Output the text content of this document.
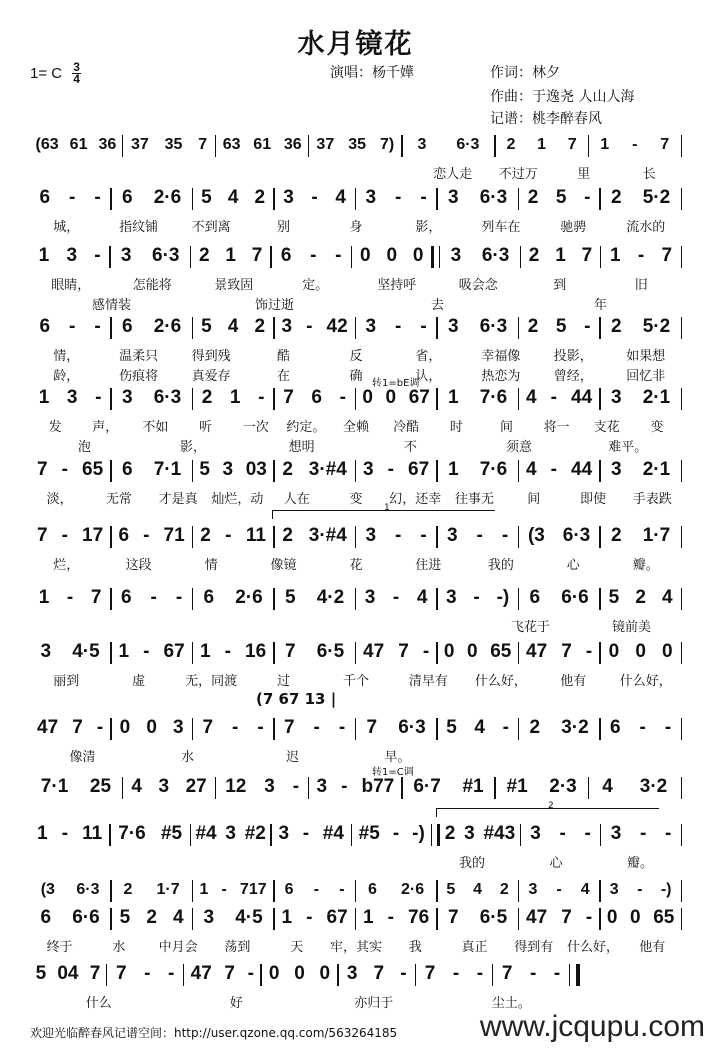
水月镜花
1= C 3
4	演唱：杨千嬅	作词：林夕
作曲：于逸尧 人山人海
记谱：桃李醉春风
(63 61 36 37 35 7 63 61 36 37 35 7) 3 6·3 2 1 7 1 - 7
恋人走	不过万	里	长
6 - - 6 2·6 5 4 2 3 - 4 3 - - 3 6·3 2 5 - 2 5·2
城，	指纹铺	不到离	别	身	影，	列车在	驰骋	流水的
1 3 - 3 6·3 2 1 7 6 - - 0 0 0 3 6·3 2 1 7 1 - 7
眼睛，	怎能将	景致固	定。	坚持呼	吸会念	到	旧
感情装	饰过逝	去	年
6 - - 6 2·6 5 4 2 3 - 42 3 - - 3 6·3 2 5 - 2 5·2
情，	温柔只	得到残	酷	反	省，	幸福像	投影，	如果想
龄，	伤痕将	真爱存	在	确	认，	热恋为	曾经，	回忆非
1 3 - 3 6·3 2 1 - 7 6 - 0 0 67 1 7·6 4 - 44 3 2·1
发	声，	不如	听	一次	约定。	全赖	冷酷	时	间	将一	支花	变
泡	影，	想明	不	须意	难平。
转1=bE调
7 - 65 6 7·1 5 3 03 2 3·#4 3 - 67 1 7·6 4 - 44 3 2·1
淡，	无常	才是真	灿烂，动	人在	变	幻，还幸	往事无	间	即使	手表跌
7 - 17 6 - 71 2 - 11 2 3·#4 3 - - 3 - - (3 6·3 2 1·7
烂，	这段	情	像镜	花	住进	我的	心	瓣。
1
1 - 7 6 - - 6 2·6 5 4·2 3 - 4 3 - -) 6 6·6 5 2 4
飞花于	镜前美
3 4·5 1 - 67 1 - 16 7 6·5 47 7 - 0 0 65 47 7 - 0 0 0
丽到	虚	无，同渡	过	千个	清早有	什么好，	他有	什么好，
47 7 - 0 0 3 7 - - 7 - - 7 6·3 5 4 - 2 3·2 6 - -
像清	水	迟	早。
(7 67 13 |
7·1 25 4 3 27 12 3 - 3 - b77 6·7 #1 #1 2·3 4 3·2
转1=C调
1 - 11 7·6 #5 #4 3 #2 3 - #4 #5 - -) 2 3 #43 3 - - 3 - -
我的	心	瓣。
2
(3 6·3 2 1·7 1 - 717 6 - - 6 2·6 5 4 2 3 - 4 3 - -)
6 6·6 5 2 4 3 4·5 1 - 67 1 - 76 7 6·5 47 7 - 0 0 65
终于	水	中月会	荡到	天	牢，其实	我	真正	得到有	什么好，	他有
5 04 7 7 - - 47 7 - 0 0 0 3 7 - 7 - - 7 - -
什么	好	亦归于	尘土。
欢迎光临醉春风记谱空间：http://user.qzone.qq.com/563264185	www.jcqupu.com
